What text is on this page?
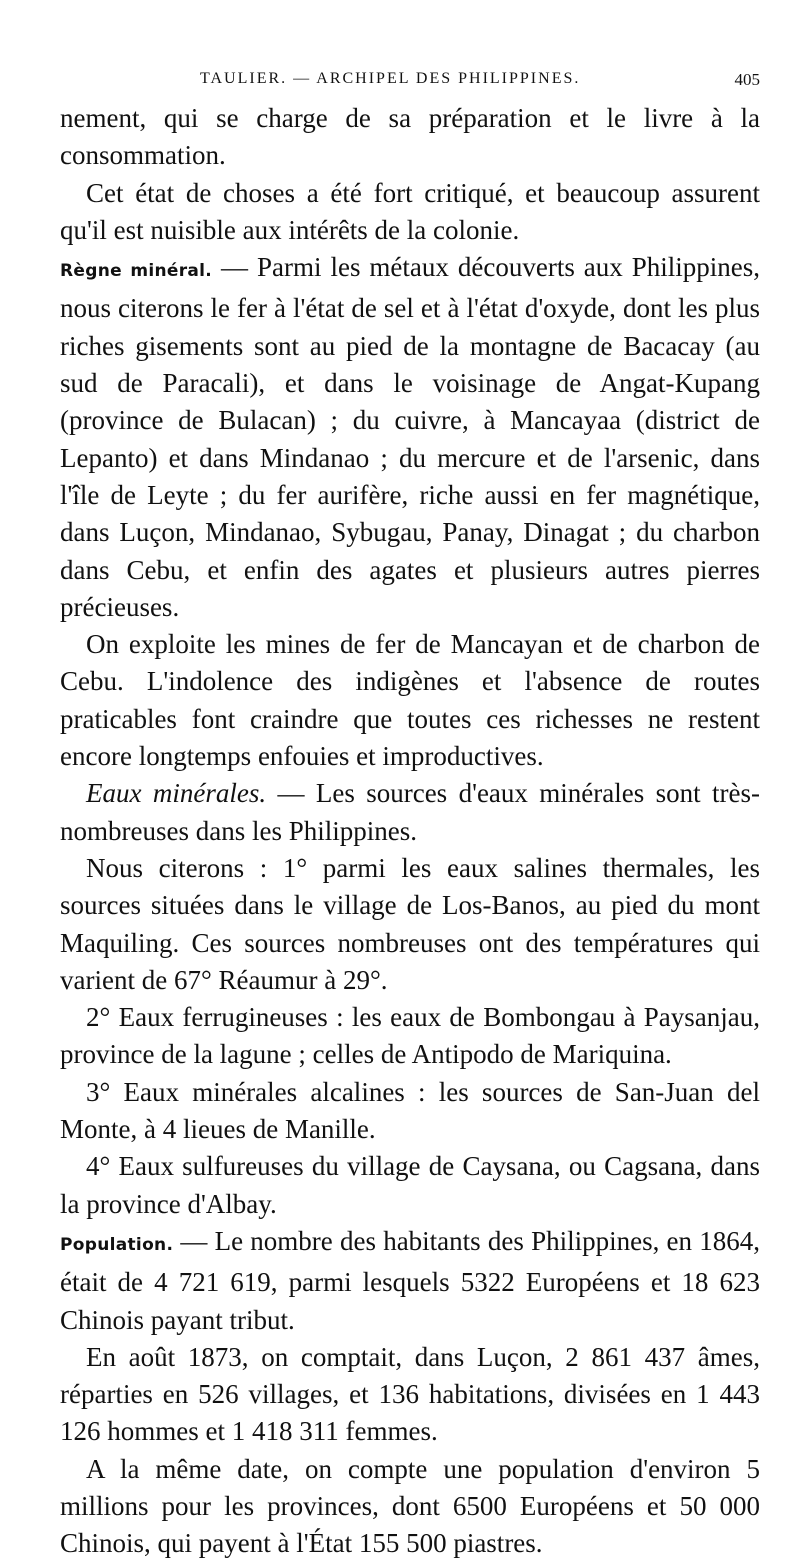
TAULIER. — ARCHIPEL DES PHILIPPINES.	405

nement, qui se charge de sa préparation et le livre à la consommation.

Cet état de choses a été fort critiqué, et beaucoup assurent qu'il est nuisible aux intérêts de la colonie.

Règne minéral. — Parmi les métaux découverts aux Philippines, nous citerons le fer à l'état de sel et à l'état d'oxyde, dont les plus riches gisements sont au pied de la montagne de Bacacay (au sud de Paracali), et dans le voisinage de Angat-Kupang (province de Bulacan) ; du cuivre, à Mancayaa (district de Lepanto) et dans Mindanao ; du mercure et de l'arsenic, dans l'île de Leyte ; du fer aurifère, riche aussi en fer magnétique, dans Luçon, Mindanao, Sybugau, Panay, Dinagat ; du charbon dans Cebu, et enfin des agates et plusieurs autres pierres précieuses.

On exploite les mines de fer de Mancayan et de charbon de Cebu. L'indolence des indigènes et l'absence de routes praticables font craindre que toutes ces richesses ne restent encore longtemps enfouies et improductives.

Eaux minérales. — Les sources d'eaux minérales sont très-nombreuses dans les Philippines.

Nous citerons : 1° parmi les eaux salines thermales, les sources situées dans le village de Los-Banos, au pied du mont Maquiling. Ces sources nombreuses ont des températures qui varient de 67° Réaumur à 29°.

2° Eaux ferrugineuses : les eaux de Bombongau à Paysanjau, province de la lagune ; celles de Antipodo de Mariquina.

3° Eaux minérales alcalines : les sources de San-Juan del Monte, à 4 lieues de Manille.

4° Eaux sulfureuses du village de Caysana, ou Cagsana, dans la province d'Albay.

Population. — Le nombre des habitants des Philippines, en 1864, était de 4 721 619, parmi lesquels 5322 Européens et 18 623 Chinois payant tribut.

En août 1873, on comptait, dans Luçon, 2 861 437 âmes, réparties en 526 villages, et 136 habitations, divisées en 1 443 126 hommes et 1 418 311 femmes.

A la même date, on compte une population d'environ 5 millions pour les provinces, dont 6500 Européens et 50 000 Chinois, qui payent à l'État 155 500 piastres.
